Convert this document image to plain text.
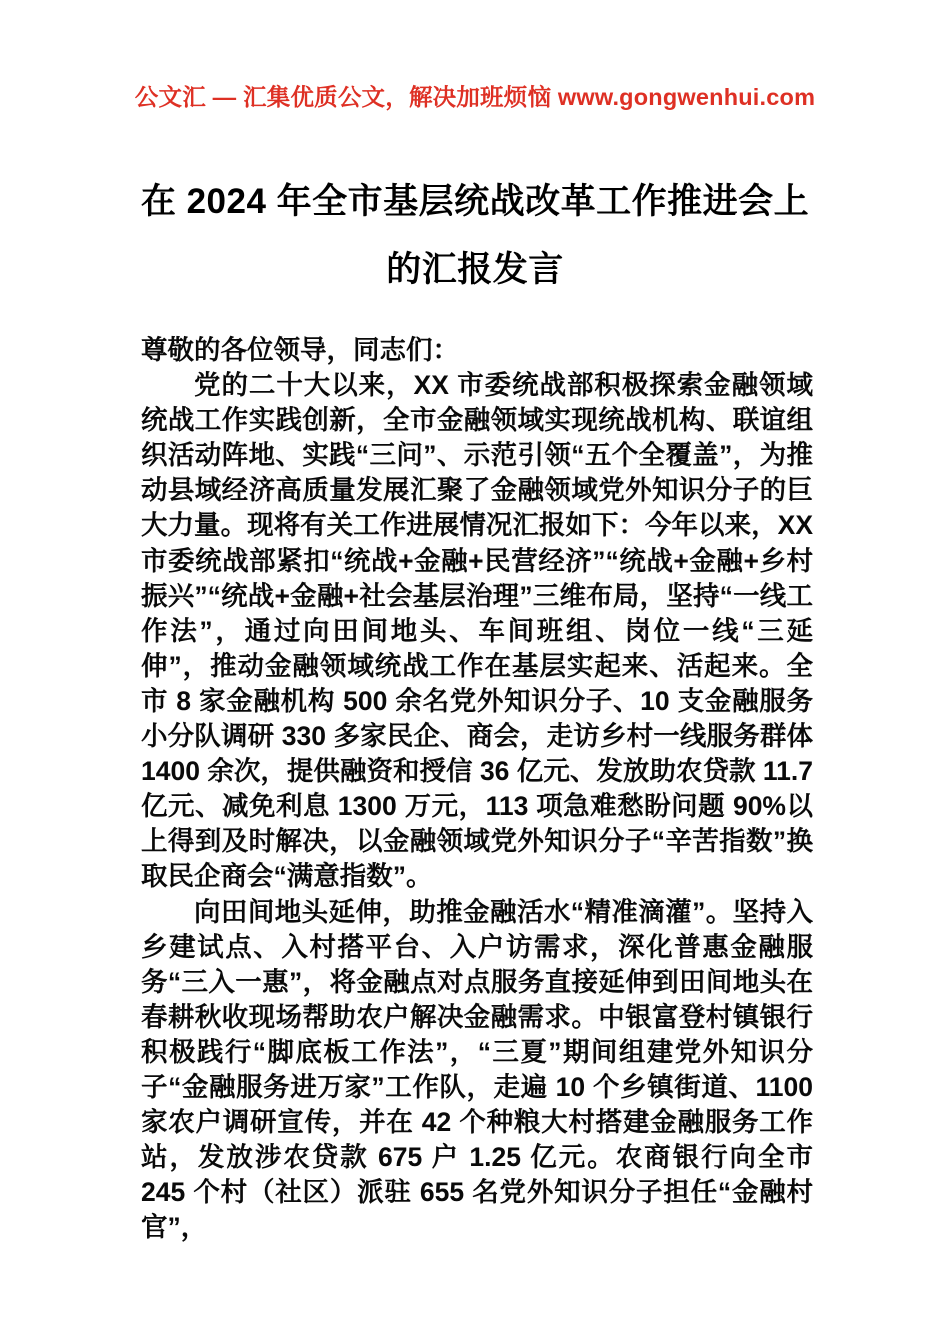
公文汇 — 汇集优质公文，解决加班烦恼 www.gongwenhui.com
在 2024 年全市基层统战改革工作推进会上
的汇报发言

尊敬的各位领导，同志们：

党的二十大以来，XX 市委统战部积极探索金融领域统战工作实践创新，全市金融领域实现统战机构、联谊组织活动阵地、实践“三问”、示范引领“五个全覆盖”，为推动县域经济高质量发展汇聚了金融领域党外知识分子的巨大力量。现将有关工作进展情况汇报如下：今年以来，XX 市委统战部紧扣“统战+金融+民营经济”“统战+金融+乡村振兴”“统战+金融+社会基层治理”三维布局，坚持“一线工作法”，通过向田间地头、车间班组、岗位一线“三延伸”，推动金融领域统战工作在基层实起来、活起来。全市 8 家金融机构 500 余名党外知识分子、10 支金融服务小分队调研 330 多家民企、商会，走访乡村一线服务群体 1400 余次，提供融资和授信 36 亿元、发放助农贷款 11.7 亿元、减免利息 1300 万元，113 项急难愁盼问题 90%以上得到及时解决，以金融领域党外知识分子“辛苦指数”换取民企商会“满意指数”。

向田间地头延伸，助推金融活水“精准滴灌”。坚持入乡建试点、入村搭平台、入户访需求，深化普惠金融服务“三入一惠”，将金融点对点服务直接延伸到田间地头在春耕秋收现场帮助农户解决金融需求。中银富登村镇银行积极践行“脚底板工作法”，“三夏”期间组建党外知识分子“金融服务进万家”工作队，走遍 10 个乡镇街道、1100 家农户调研宣传，并在 42 个种粮大村搭建金融服务工作站，发放涉农贷款 675 户 1.25 亿元。农商银行向全市 245 个村（社区）派驻 655 名党外知识分子担任“金融村官”，
